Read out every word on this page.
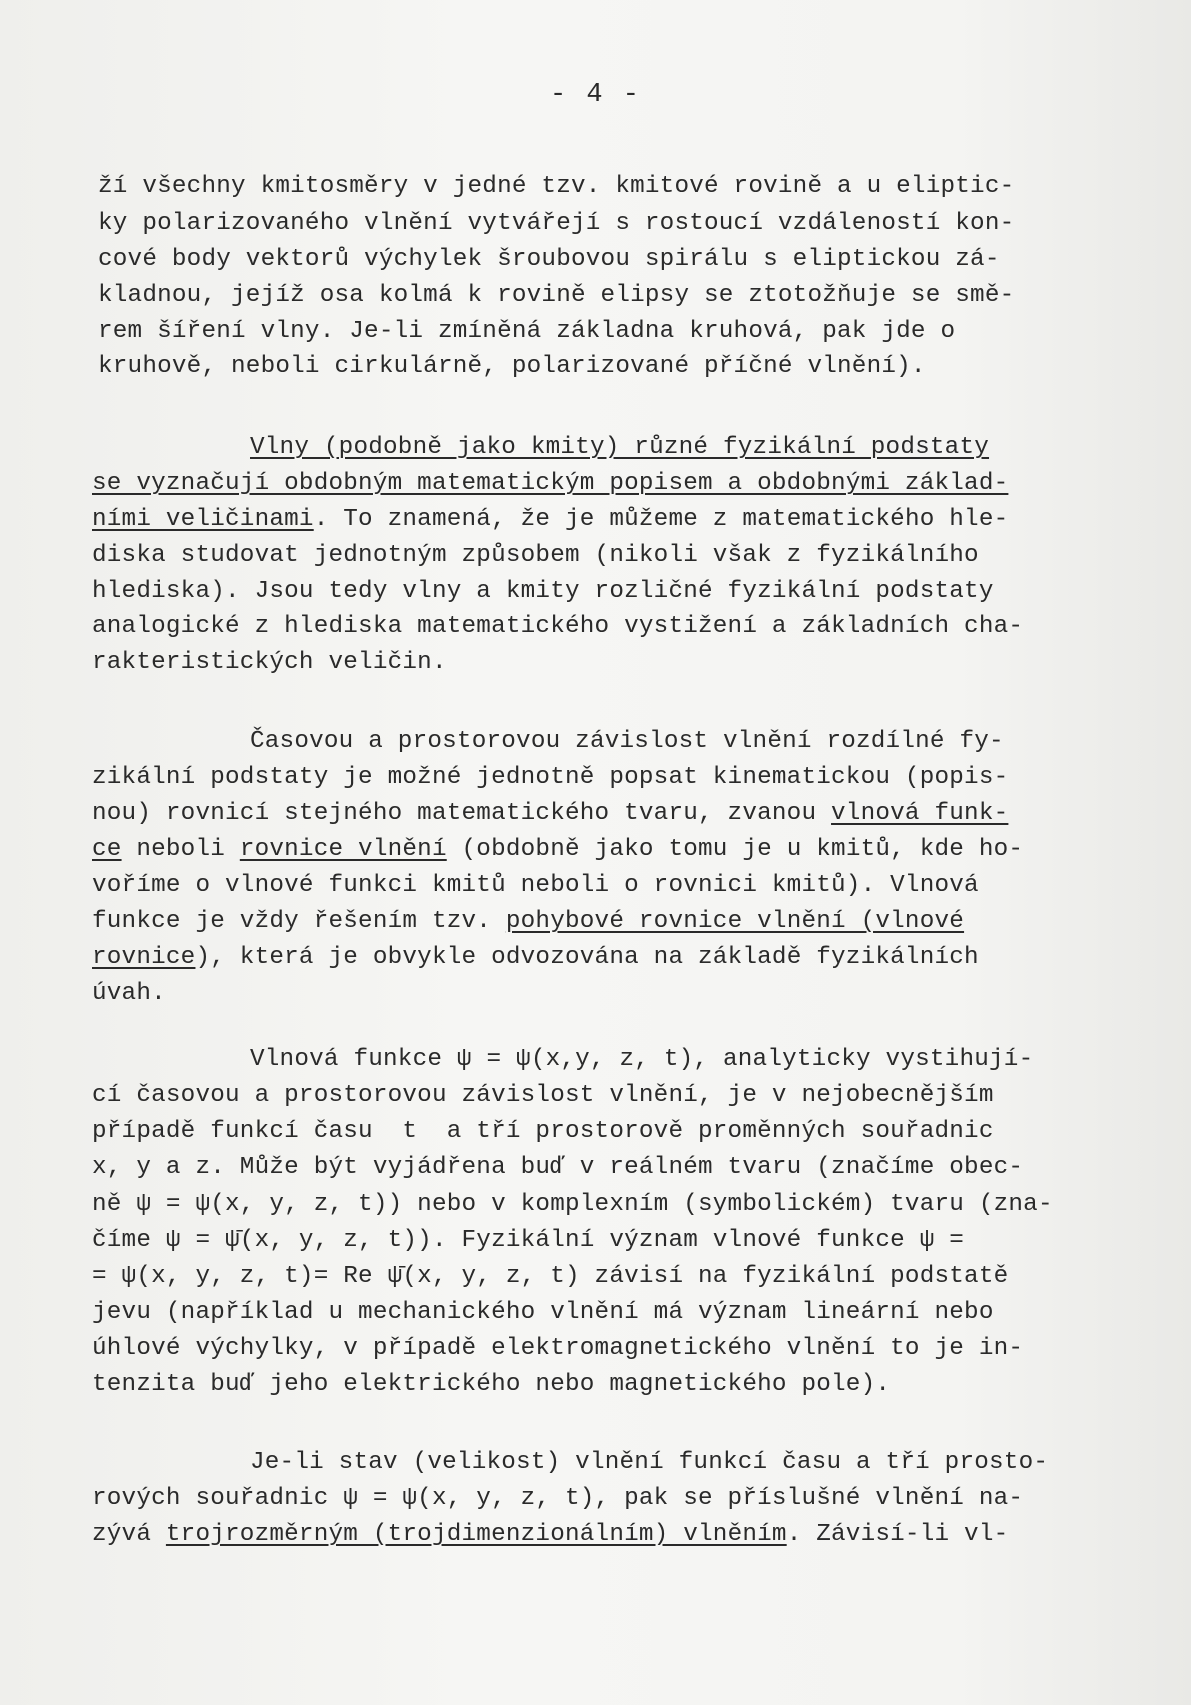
- 4 -
ží všechny kmitosměry v jedné tzv. kmitové rovině a u eliptic-
ky polarizovaného vlnění vytvářejí s rostoucí vzdáleností kon-
cové body vektorů výchylek šroubovou spirálu s eliptickou zá-
kladnou, jejíž osa kolmá k rovině elipsy se ztotožňuje se smě-
rem šíření vlny. Je-li zmíněná základna kruhová, pak jde o
kruhově, neboli cirkulárně, polarizované příčné vlnění).
Vlny (podobně jako kmity) různé fyzikální podstaty
se vyznačují obdobným matematickým popisem a obdobnými základ-
ními veličinami. To znamená, že je můžeme z matematického hle-
diska studovat jednotným způsobem (nikoli však z fyzikálního
hlediska). Jsou tedy vlny a kmity rozličné fyzikální podstaty
analogické z hlediska matematického vystižení a základních cha-
rakteristických veličin.
Časovou a prostorovou závislost vlnění rozdílné fy-
zikální podstaty je možné jednotně popsat kinematickou (popis-
nou) rovnicí stejného matematického tvaru, zvanou vlnová funk-
ce neboli rovnice vlnění (obdobně jako tomu je u kmitů, kde ho-
voříme o vlnové funkci kmitů neboli o rovnici kmitů). Vlnová
funkce je vždy řešením tzv. pohybové rovnice vlnění (vlnové
rovnice), která je obvykle odvozována na základě fyzikálních
úvah.
Vlnová funkce ψ = ψ(x,y, z, t), analyticky vystihují-
cí časovou a prostorovou závislost vlnění, je v nejobecnějším
případě funkcí času  t  a tří prostorově proměnných souřadnic
x, y a z. Může být vyjádřena buď v reálném tvaru (značíme obec-
ně ψ = ψ(x, y, z, t)) nebo v komplexním (symbolickém) tvaru (zna-
číme ψ = ψ̄(x, y, z, t)). Fyzikální význam vlnové funkce ψ =
= ψ(x, y, z, t)= Re ψ̄(x, y, z, t) závisí na fyzikální podstatě
jevu (například u mechanického vlnění má význam lineární nebo
úhlové výchylky, v případě elektromagnetického vlnění to je in-
tenzita buď jeho elektrického nebo magnetického pole).
Je-li stav (velikost) vlnění funkcí času a tří prosto-
rových souřadnic ψ = ψ(x, y, z, t), pak se příslušné vlnění na-
zývá trojrozměrným (trojdimenzionálním) vlněním. Závisí-li vl-
